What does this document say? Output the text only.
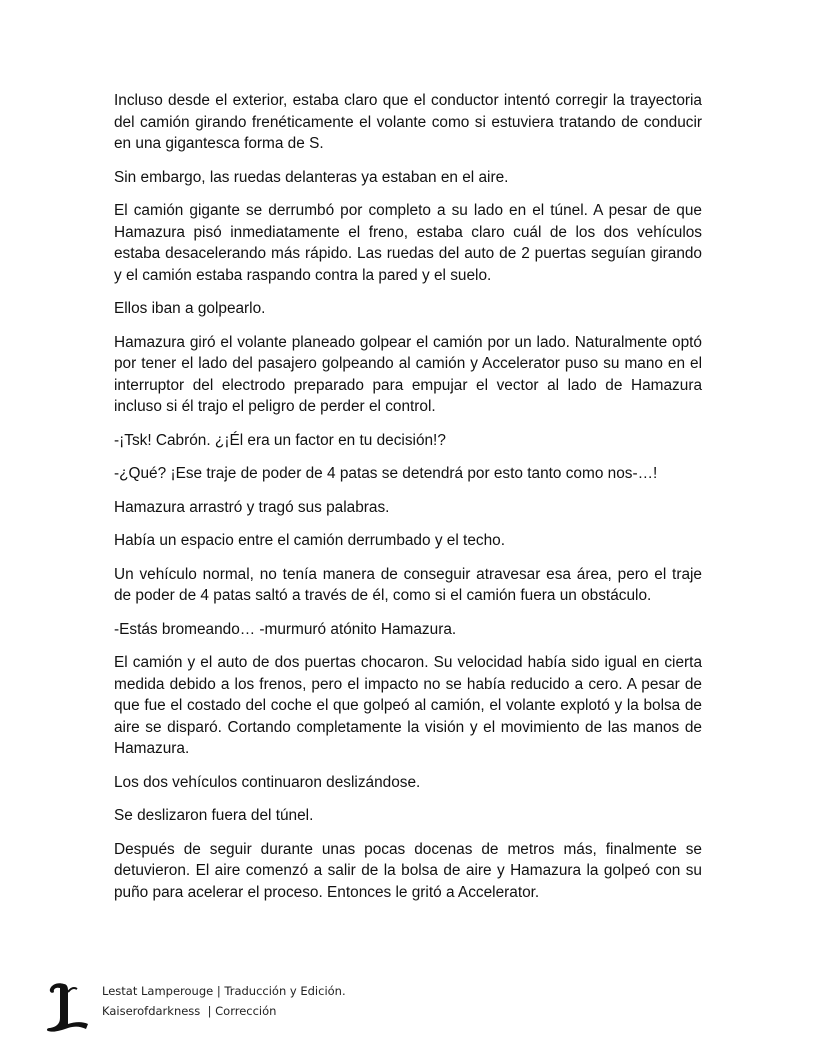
Incluso desde el exterior, estaba claro que el conductor intentó corregir la trayectoria del camión girando frenéticamente el volante como si estuviera tratando de conducir en una gigantesca forma de S.

Sin embargo, las ruedas delanteras ya estaban en el aire.

El camión gigante se derrumbó por completo a su lado en el túnel. A pesar de que Hamazura pisó inmediatamente el freno, estaba claro cuál de los dos vehículos estaba desacelerando más rápido. Las ruedas del auto de 2 puertas seguían girando y el camión estaba raspando contra la pared y el suelo.

Ellos iban a golpearlo.

Hamazura giró el volante planeado golpear el camión por un lado. Naturalmente optó por tener el lado del pasajero golpeando al camión y Accelerator puso su mano en el interruptor del electrodo preparado para empujar el vector al lado de Hamazura incluso si él trajo el peligro de perder el control.

-¡Tsk! Cabrón. ¿¡Él era un factor en tu decisión!?

-¿Qué? ¡Ese traje de poder de 4 patas se detendrá por esto tanto como nos-…!

Hamazura arrastró y tragó sus palabras.

Había un espacio entre el camión derrumbado y el techo.

Un vehículo normal, no tenía manera de conseguir atravesar esa área, pero el traje de poder de 4 patas saltó a través de él, como si el camión fuera un obstáculo.

-Estás bromeando… -murmuró atónito Hamazura.

El camión y el auto de dos puertas chocaron. Su velocidad había sido igual en cierta medida debido a los frenos, pero el impacto no se había reducido a cero. A pesar de que fue el costado del coche el que golpeó al camión, el volante explotó y la bolsa de aire se disparó. Cortando completamente la visión y el movimiento de las manos de Hamazura.

Los dos vehículos continuaron deslizándose.

Se deslizaron fuera del túnel.

Después de seguir durante unas pocas docenas de metros más, finalmente se detuvieron. El aire comenzó a salir de la bolsa de aire y Hamazura la golpeó con su puño para acelerar el proceso. Entonces le gritó a Accelerator.

Lestat Lamperouge | Traducción y Edición.
Kaiserofdarkness  | Corrección
